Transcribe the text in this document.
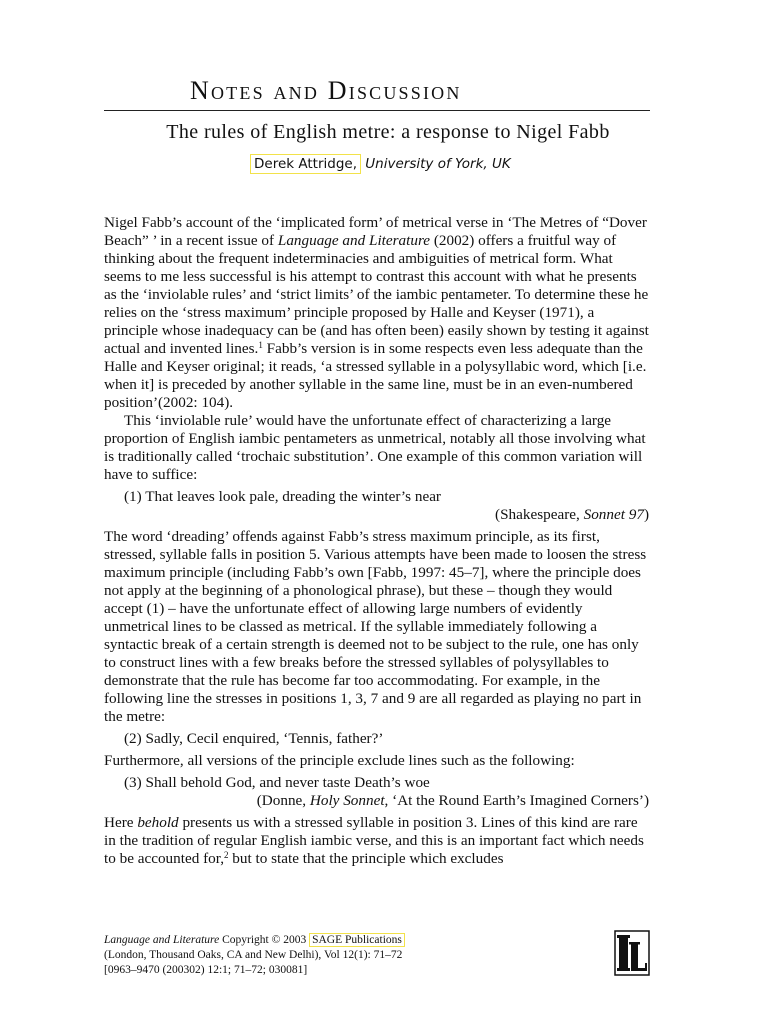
Notes and Discussion
The rules of English metre: a response to Nigel Fabb
Derek Attridge, University of York, UK

Nigel Fabb’s account of the ‘implicated form’ of metrical verse in ‘The Metres of “Dover Beach” ’ in a recent issue of Language and Literature (2002) offers a fruitful way of thinking about the frequent indeterminacies and ambiguities of metrical form. What seems to me less successful is his attempt to contrast this account with what he presents as the ‘inviolable rules’ and ‘strict limits’ of the iambic pentameter. To determine these he relies on the ‘stress maximum’ principle proposed by Halle and Keyser (1971), a principle whose inadequacy can be (and has often been) easily shown by testing it against actual and invented lines.$^1$ Fabb’s version is in some respects even less adequate than the Halle and Keyser original; it reads, ‘a stressed syllable in a polysyllabic word, which [i.e. when it] is preceded by another syllable in the same line, must be in an even-numbered position’(2002: 104).

This ‘inviolable rule’ would have the unfortunate effect of characterizing a large proportion of English iambic pentameters as unmetrical, notably all those involving what is traditionally called ‘trochaic substitution’. One example of this common variation will have to suffice:

(1) That leaves look pale, dreading the winter’s near

(Shakespeare, Sonnet 97)

The word ‘dreading’ offends against Fabb’s stress maximum principle, as its first, stressed, syllable falls in position 5. Various attempts have been made to loosen the stress maximum principle (including Fabb’s own [Fabb, 1997: 45–7], where the principle does not apply at the beginning of a phonological phrase), but these – though they would accept (1) – have the unfortunate effect of allowing large numbers of evidently unmetrical lines to be classed as metrical. If the syllable immediately following a syntactic break of a certain strength is deemed not to be subject to the rule, one has only to construct lines with a few breaks before the stressed syllables of polysyllables to demonstrate that the rule has become far too accommodating. For example, in the following line the stresses in positions 1, 3, 7 and 9 are all regarded as playing no part in the metre:

(2) Sadly, Cecil enquired, ‘Tennis, father?’

Furthermore, all versions of the principle exclude lines such as the following:

(3) Shall behold God, and never taste Death’s woe

(Donne, Holy Sonnet, ‘At the Round Earth’s Imagined Corners’)

Here behold presents us with a stressed syllable in position 3. Lines of this kind are rare in the tradition of regular English iambic verse, and this is an important fact which needs to be accounted for,$^2$ but to state that the principle which excludes

Language and Literature Copyright © 2003 SAGE Publications
(London, Thousand Oaks, CA and New Delhi), Vol 12(1): 71–72
[0963–9470 (200302) 12:1; 71–72; 030081]
